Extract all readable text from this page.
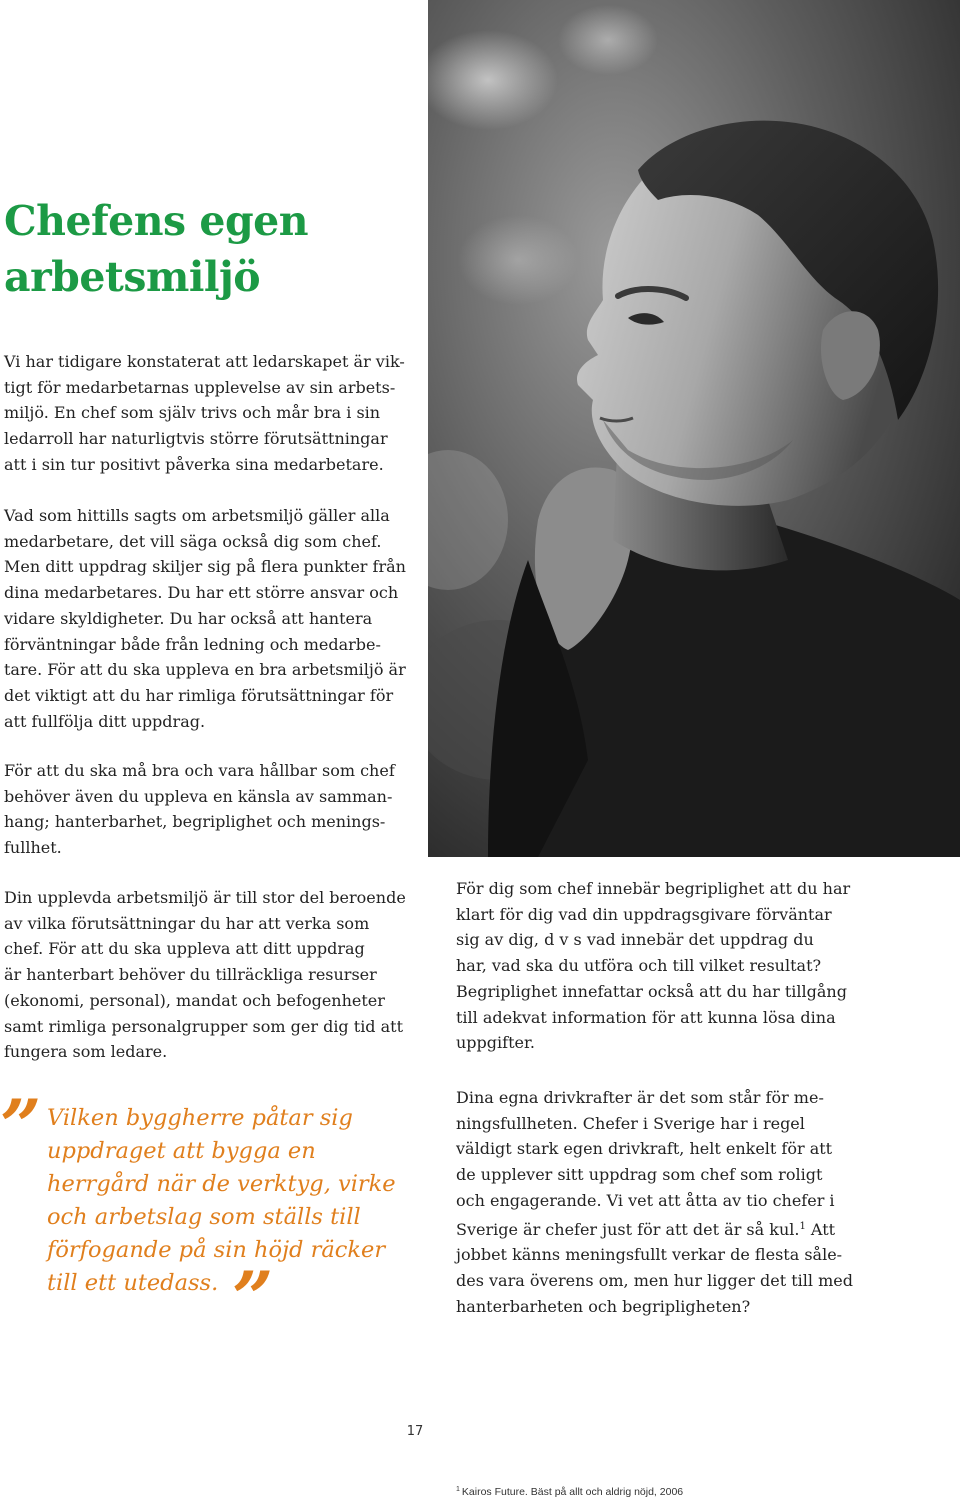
Chefens egen
arbetsmiljö
Vi har tidigare konstaterat att ledarskapet är vik-
tigt för medarbetarnas upplevelse av sin arbets-
miljö. En chef som själv trivs och mår bra i sin
ledarroll har naturligtvis större förutsättningar
att i sin tur positivt påverka sina medarbetare.
Vad som hittills sagts om arbetsmiljö gäller alla
medarbetare, det vill säga också dig som chef.
Men ditt uppdrag skiljer sig på flera punkter från
dina medarbetares. Du har ett större ansvar och
vidare skyldigheter. Du har också att hantera
förväntningar både från ledning och medarbe-
tare. För att du ska uppleva en bra arbetsmiljö är
det viktigt att du har rimliga förutsättningar för
att fullfölja ditt uppdrag.
För att du ska må bra och vara hållbar som chef
behöver även du uppleva en känsla av samman-
hang; hanterbarhet, begriplighet och menings-
fullhet.
Din upplevda arbetsmiljö är till stor del beroende
av vilka förutsättningar du har att verka som
chef. För att du ska uppleva att ditt uppdrag
är hanterbart behöver du tillräckliga resurser
(ekonomi, personal), mandat och befogenheter
samt rimliga personalgrupper som ger dig tid att
fungera som ledare.
” Vilken byggherre påtar sig
uppdraget att bygga en
herrgård när de verktyg, virke
och arbetslag som ställs till
förfogande på sin höjd räcker
till ett utedass. ”
För dig som chef innebär begriplighet att du har
klart för dig vad din uppdragsgivare förväntar
sig av dig, d v s vad innebär det uppdrag du
har, vad ska du utföra och till vilket resultat?
Begriplighet innefattar också att du har tillgång
till adekvat information för att kunna lösa dina
uppgifter.
Dina egna drivkrafter är det som står för me-
ningsfullheten. Chefer i Sverige har i regel
väldigt stark egen drivkraft, helt enkelt för att
de upplever sitt uppdrag som chef som roligt
och engagerande. Vi vet att åtta av tio chefer i
Sverige är chefer just för att det är så kul.$^1$ Att
jobbet känns meningsfullt verkar de flesta såle-
des vara överens om, men hur ligger det till med
hanterbarheten och begripligheten?
17
$^1$ Kairos Future. Bäst på allt och aldrig nöjd, 2006
